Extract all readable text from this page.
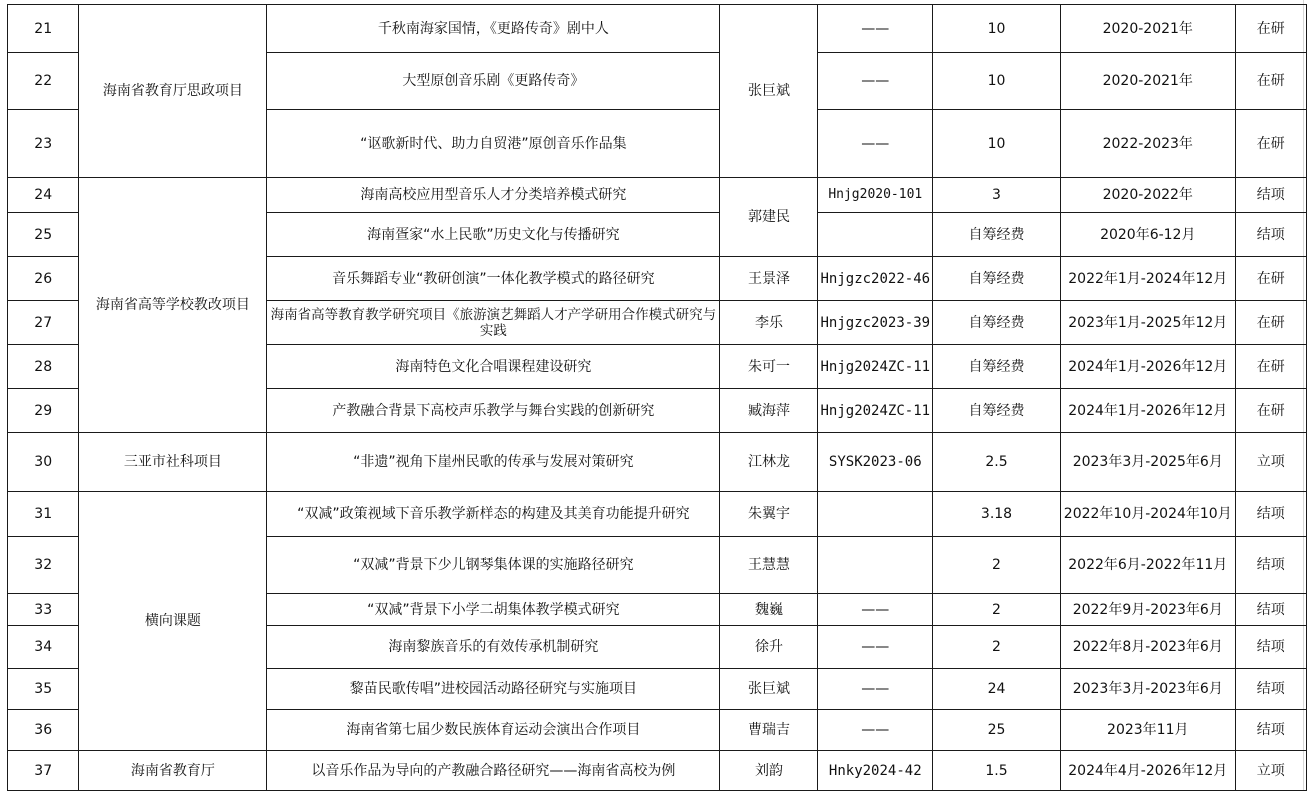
21	海南省教育厅思政项目	千秋南海家国情，《更路传奇》剧中人	张巨斌	——	10	2020-2021年	在研
22		大型原创音乐剧《更路传奇》		——	10	2020-2021年	在研
23		“讴歌新时代、助力自贸港”原创音乐作品集		——	10	2022-2023年	在研
24	海南省高等学校教改项目	海南高校应用型音乐人才分类培养模式研究	郭建民	Hnjg2020-101	3	2020-2022年	结项
25		海南疍家“水上民歌”历史文化与传播研究			自筹经费	2020年6-12月	结项
26		音乐舞蹈专业“教研创演”一体化教学模式的路径研究	王景泽	Hnjgzc2022-46	自筹经费	2022年1月-2024年12月	在研
27		海南省高等教育教学研究项目《旅游演艺舞蹈人才产学研用合作模式研究与实践	李乐	Hnjgzc2023-39	自筹经费	2023年1月-2025年12月	在研
28		海南特色文化合唱课程建设研究	朱可一	Hnjg2024ZC-11	自筹经费	2024年1月-2026年12月	在研
29		产教融合背景下高校声乐教学与舞台实践的创新研究	臧海萍	Hnjg2024ZC-11	自筹经费	2024年1月-2026年12月	在研
30	三亚市社科项目	“非遗”视角下崖州民歌的传承与发展对策研究	江林龙	SYSK2023-06	2.5	2023年3月-2025年6月	立项
31	横向课题	“双减”政策视域下音乐教学新样态的构建及其美育功能提升研究	朱翼宇		3.18	2022年10月-2024年10月	结项
32		“双减”背景下少儿钢琴集体课的实施路径研究	王慧慧		2	2022年6月-2022年11月	结项
33		“双减”背景下小学二胡集体教学模式研究	魏巍	——	2	2022年9月-2023年6月	结项
34		海南黎族音乐的有效传承机制研究	徐升	——	2	2022年8月-2023年6月	结项
35		黎苗民歌传唱”进校园活动路径研究与实施项目	张巨斌	——	24	2023年3月-2023年6月	结项
36		海南省第七届少数民族体育运动会演出合作项目	曹瑞吉	——	25	2023年11月	结项
37	海南省教育厅	以音乐作品为导向的产教融合路径研究——海南省高校为例	刘韵	Hnky2024-42	1.5	2024年4月-2026年12月	立项
